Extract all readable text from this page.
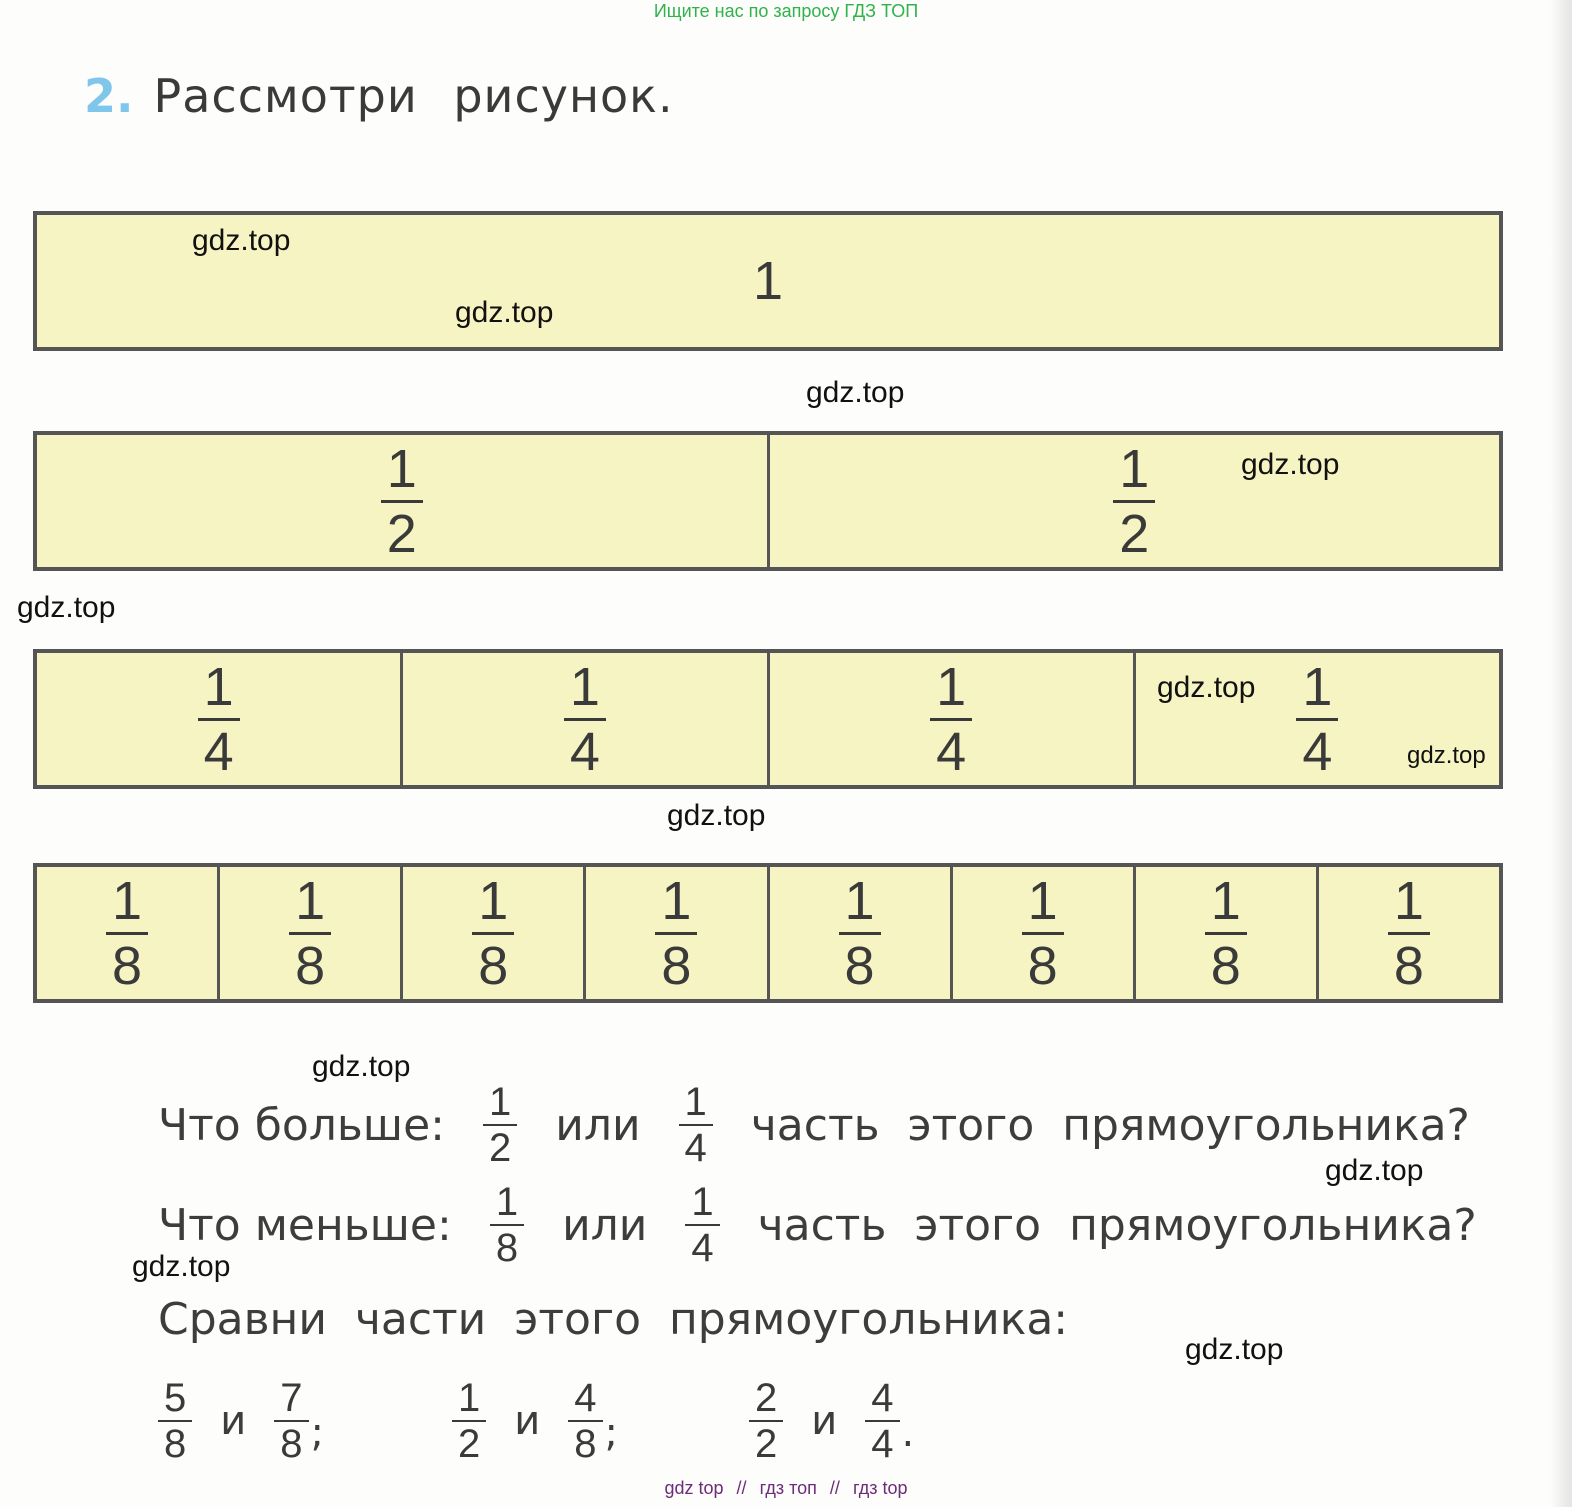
Ищите нас по запросу ГДЗ ТОП
2. Рассмотри рисунок.
1
$\frac{1}{2}$	$\frac{1}{2}$
$\frac{1}{4}$	$\frac{1}{4}$	$\frac{1}{4}$	$\frac{1}{4}$
$\frac{1}{8}$	$\frac{1}{8}$	$\frac{1}{8}$	$\frac{1}{8}$	$\frac{1}{8}$	$\frac{1}{8}$	$\frac{1}{8}$	$\frac{1}{8}$
Что больше: $\frac{1}{2}$ или $\frac{1}{4}$ часть этого прямоугольника?
Что меньше: $\frac{1}{8}$ или $\frac{1}{4}$ часть этого прямоугольника?
Сравни части этого прямоугольника:
$\frac{5}{8}$ и $\frac{7}{8}$ ;	$\frac{1}{2}$ и $\frac{4}{8}$ ;	$\frac{2}{2}$ и $\frac{4}{4}$ .
gdz.top
gdz.top
gdz.top
gdz.top
gdz.top
gdz.top
gdz.top
gdz.top
gdz.top
gdz.top
gdz.top
gdz.top
gdz top // гдз топ // гдз top
